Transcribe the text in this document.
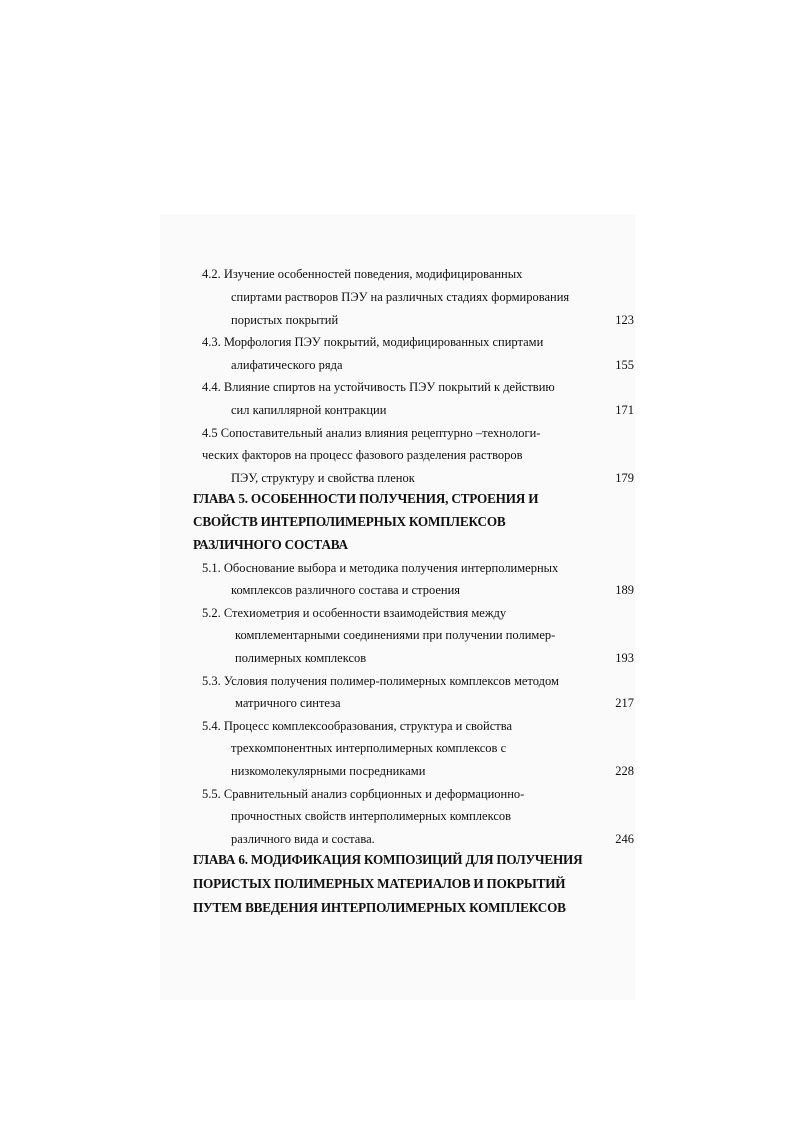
4.2. Изучение особенностей поведения, модифицированных
спиртами растворов ПЭУ на различных стадиях формирования
пористых покрытий	123
4.3. Морфология ПЭУ покрытий, модифицированных спиртами
алифатического ряда	155
4.4. Влияние спиртов на устойчивость ПЭУ покрытий к действию
сил капиллярной контракции	171
4.5 Сопоставительный анализ влияния рецептурно –технологи-
ческих факторов на процесс фазового разделения растворов
ПЭУ, структуру и свойства пленок	179
ГЛАВА 5. ОСОБЕННОСТИ ПОЛУЧЕНИЯ, СТРОЕНИЯ И
СВОЙСТВ ИНТЕРПОЛИМЕРНЫХ КОМПЛЕКСОВ
РАЗЛИЧНОГО СОСТАВА
5.1. Обоснование выбора и методика получения интерполимерных
комплексов различного состава и строения	189
5.2. Стехиометрия и особенности взаимодействия между
комплементарными соединениями при получении полимер-
полимерных комплексов	193
5.3. Условия получения полимер-полимерных комплексов методом
матричного синтеза	217
5.4. Процесс комплексообразования, структура и свойства
трехкомпонентных интерполимерных комплексов с
низкомолекулярными посредниками	228
5.5. Сравнительный анализ сорбционных и деформационно-
прочностных свойств интерполимерных комплексов
различного вида и состава.	246
ГЛАВА 6. МОДИФИКАЦИЯ КОМПОЗИЦИЙ ДЛЯ ПОЛУЧЕНИЯ
ПОРИСТЫХ ПОЛИМЕРНЫХ МАТЕРИАЛОВ И ПОКРЫТИЙ
ПУТЕМ ВВЕДЕНИЯ ИНТЕРПОЛИМЕРНЫХ КОМПЛЕКСОВ
